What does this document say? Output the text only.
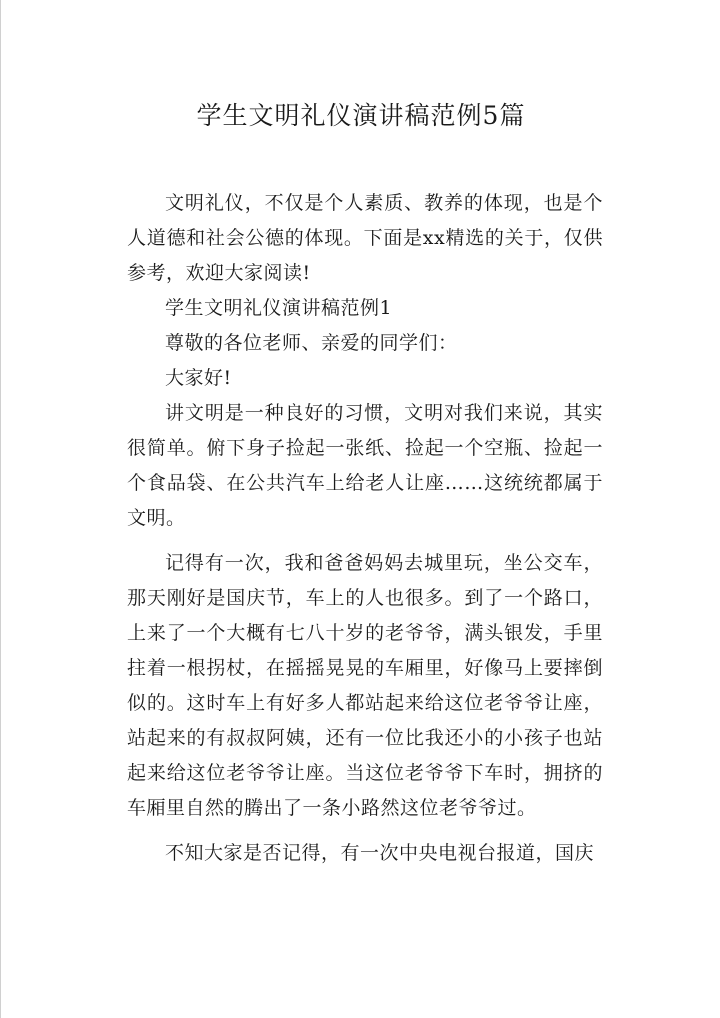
学生文明礼仪演讲稿范例5篇

文明礼仪，不仅是个人素质、教养的体现，也是个人道德和社会公德的体现。下面是xx精选的关于，仅供参考，欢迎大家阅读!

学生文明礼仪演讲稿范例1

尊敬的各位老师、亲爱的同学们：

大家好!

讲文明是一种良好的习惯，文明对我们来说，其实很简单。俯下身子捡起一张纸、捡起一个空瓶、捡起一个食品袋、在公共汽车上给老人让座……这统统都属于文明。

记得有一次，我和爸爸妈妈去城里玩，坐公交车，那天刚好是国庆节，车上的人也很多。到了一个路口，上来了一个大概有七八十岁的老爷爷，满头银发，手里拄着一根拐杖，在摇摇晃晃的车厢里，好像马上要摔倒似的。这时车上有好多人都站起来给这位老爷爷让座，站起来的有叔叔阿姨，还有一位比我还小的小孩子也站起来给这位老爷爷让座。当这位老爷爷下车时，拥挤的车厢里自然的腾出了一条小路然这位老爷爷过。

不知大家是否记得，有一次中央电视台报道，国庆
